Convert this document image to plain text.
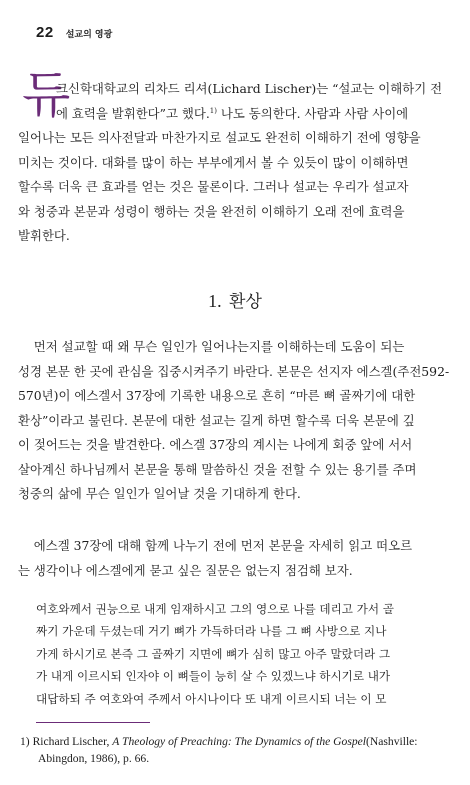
22 설교의 영광
듀
크신학대학교의 리차드 리셔(Lichard Lischer)는 “설교는 이해하기 전
에 효력을 발휘한다”고 했다.$^{1)}$ 나도 동의한다. 사람과 사람 사이에
일어나는 모든 의사전달과 마찬가지로 설교도 완전히 이해하기 전에 영향을
미치는 것이다. 대화를 많이 하는 부부에게서 볼 수 있듯이 많이 이해하면
할수록 더욱 큰 효과를 얻는 것은 물론이다. 그러나 설교는 우리가 설교자
와 청중과 본문과 성령이 행하는 것을 완전히 이해하기 오래 전에 효력을
발휘한다.
1. 환상
먼저 설교할 때 왜 무슨 일인가 일어나는지를 이해하는데 도움이 되는
성경 본문 한 곳에 관심을 집중시켜주기 바란다. 본문은 선지자 에스겔(주전592-
570년)이 에스겔서 37장에 기록한 내용으로 흔히 “마른 뼈 골짜기에 대한
환상”이라고 불린다. 본문에 대한 설교는 길게 하면 할수록 더욱 본문에 깊
이 젖어드는 것을 발견한다. 에스겔 37장의 계시는 나에게 회중 앞에 서서
살아계신 하나님께서 본문을 통해 말씀하신 것을 전할 수 있는 용기를 주며
청중의 삶에 무슨 일인가 일어날 것을 기대하게 한다.
에스겔 37장에 대해 함께 나누기 전에 먼저 본문을 자세히 읽고 떠오르
는 생각이나 에스겔에게 묻고 싶은 질문은 없는지 점검해 보자.
여호와께서 권능으로 내게 임재하시고 그의 영으로 나를 데리고 가서 골
짜기 가운데 두셨는데 거기 뼈가 가득하더라 나를 그 뼈 사방으로 지나
가게 하시기로 본즉 그 골짜기 지면에 뼈가 심히 많고 아주 말랐더라 그
가 내게 이르시되 인자야 이 뼈들이 능히 살 수 있겠느냐 하시기로 내가
대답하되 주 여호와여 주께서 아시나이다 또 내게 이르시되 너는 이 모
1) Richard Lischer, A Theology of Preaching: The Dynamics of the Gospel(Nashville:
Abingdon, 1986), p. 66.
